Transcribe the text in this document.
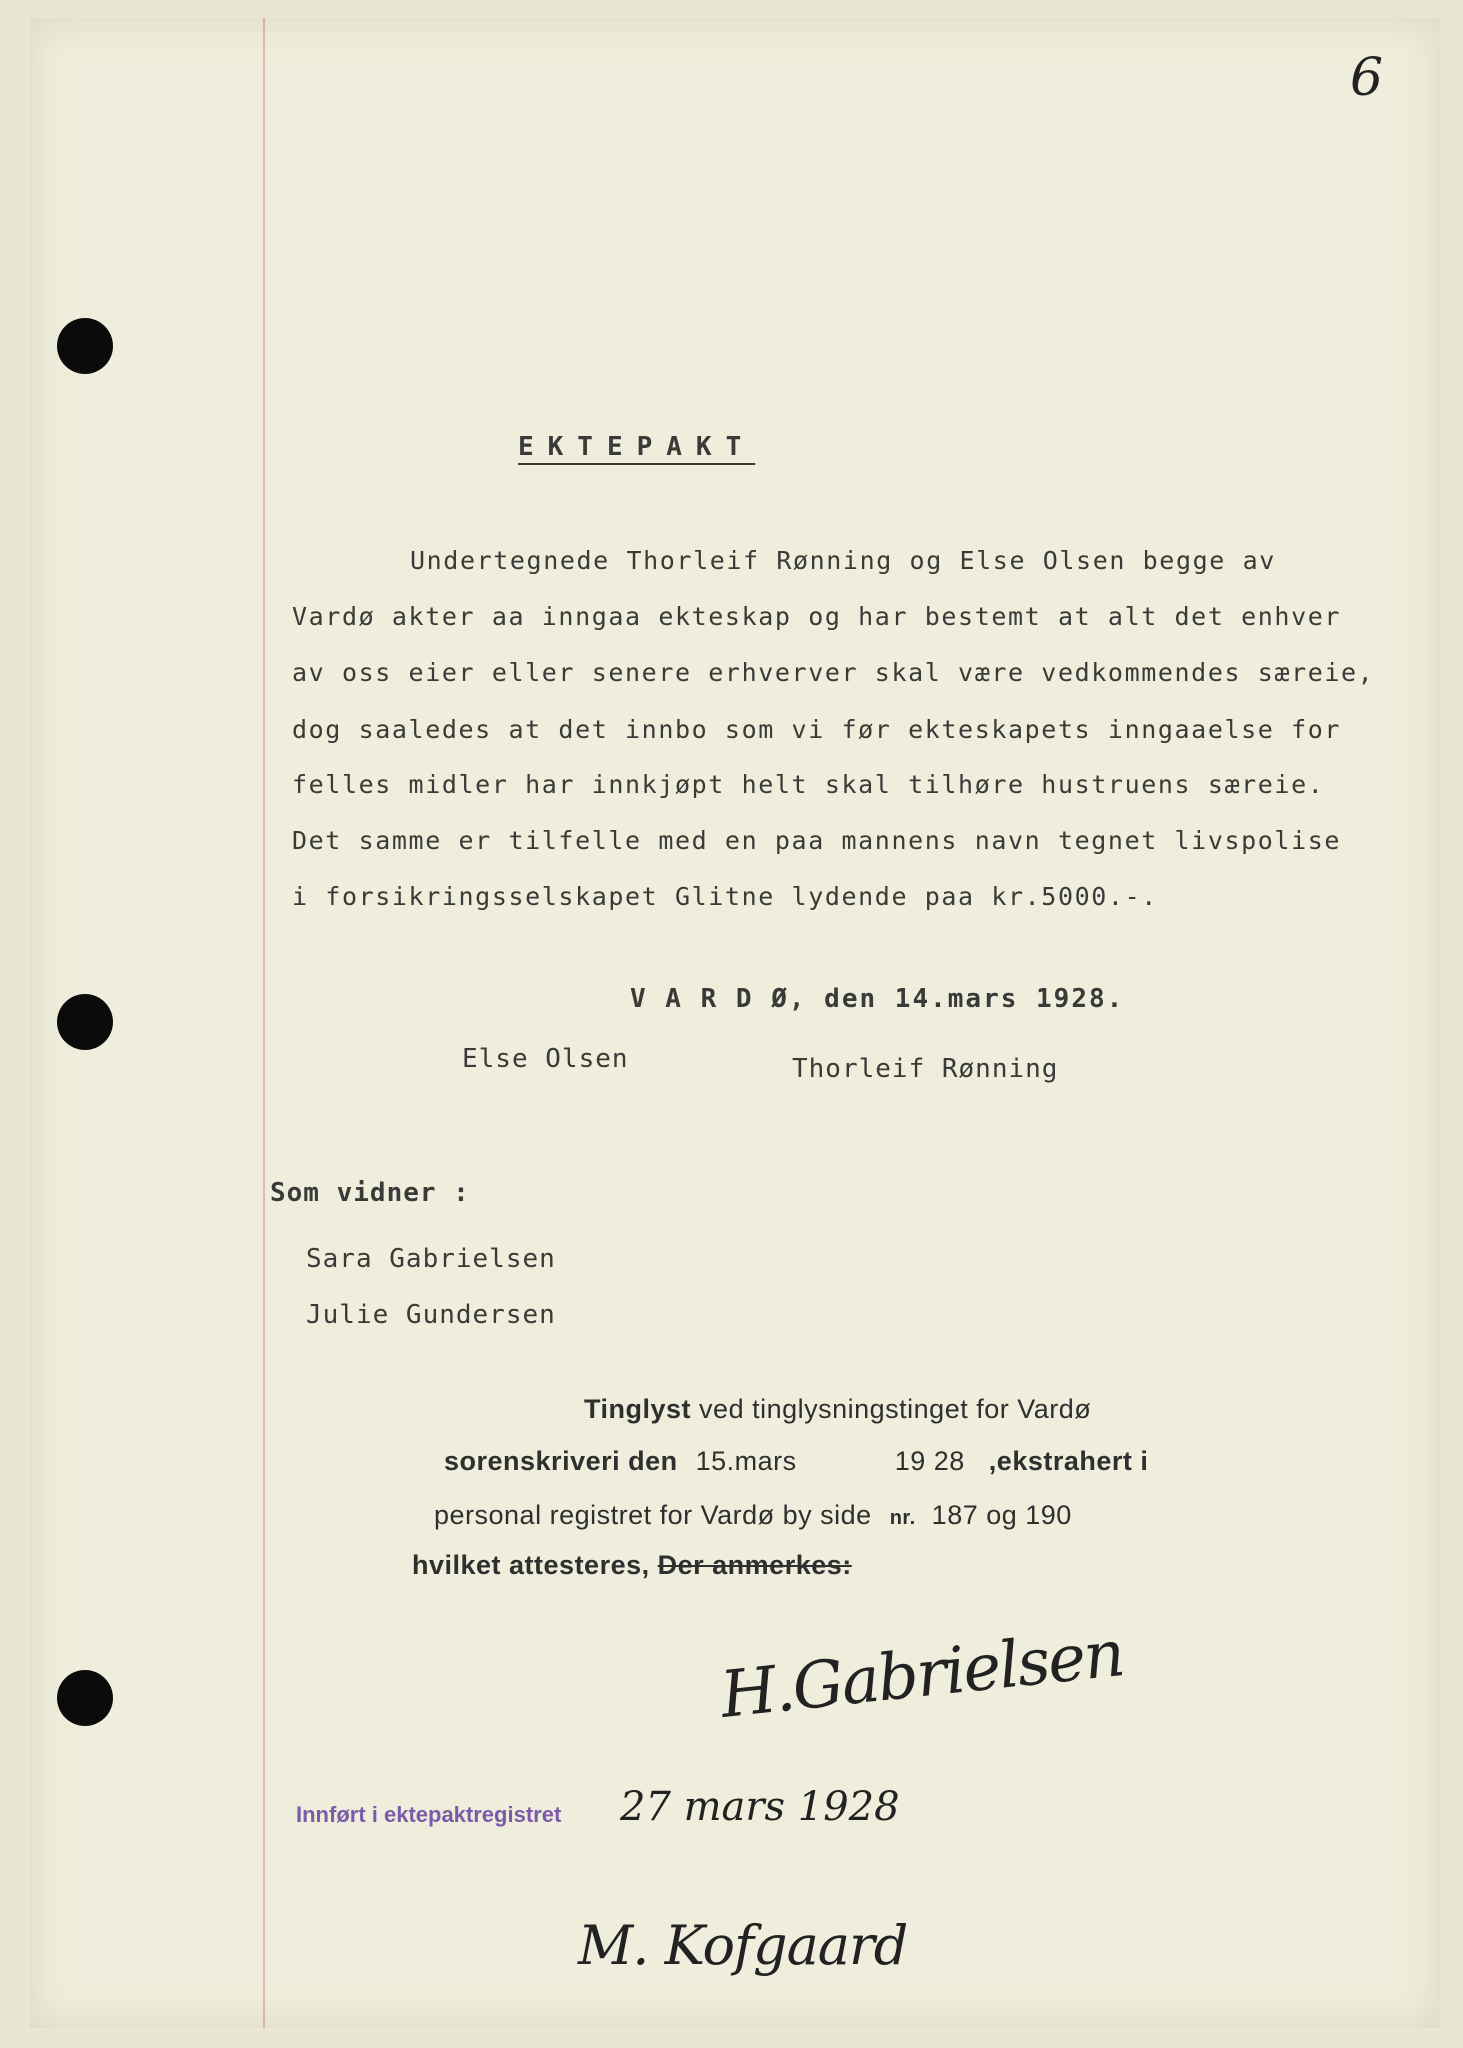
6
EKTEPAKT
Undertegnede Thorleif Rønning og Else Olsen begge av
Vardø akter aa inngaa ekteskap og har bestemt at alt det enhver
av oss eier eller senere erhverver skal være vedkommendes særeie,
dog saaledes at det innbo som vi før ekteskapets inngaaelse for
felles midler har innkjøpt helt skal tilhøre hustruens særeie.
Det samme er tilfelle med en paa mannens navn tegnet livspolise
i forsikringsselskapet Glitne lydende paa kr.5000.-.
V A R D Ø, den 14.mars 1928.
Else Olsen	Thorleif Rønning
Som vidner :
Sara Gabrielsen
Julie Gundersen
Tinglyst ved tinglysningstinget for Vardø
sorenskriveri den 15.mars	19 28 ,ekstrahert i
personal registret for Vardø by side nr. 187 og 190
hvilket attesteres, Der anmerkes:
H.Gabrielsen
Innført i ektepaktregistret 27 mars 1928
M. Kofgaard
